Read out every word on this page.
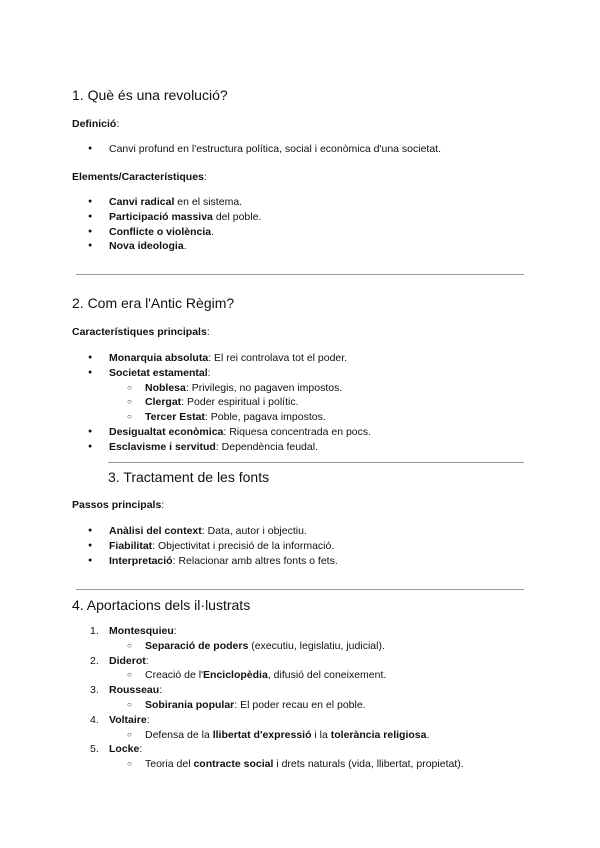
1. Què és una revolució?

Definició:

● Canvi profund en l'estructura política, social i econòmica d'una societat.

Elements/Característiques:

● Canvi radical en el sistema.
● Participació massiva del poble.
● Conflicte o violència.
● Nova ideologia.
2. Com era l'Antic Règim?

Característiques principals:

● Monarquia absoluta: El rei controlava tot el poder.
● Societat estamental:
○ Noblesa: Privilegis, no pagaven impostos.
○ Clergat: Poder espiritual i polític.
○ Tercer Estat: Poble, pagava impostos.
● Desigualtat econòmica: Riquesa concentrada en pocs.
● Esclavisme i servitud: Dependència feudal.
3. Tractament de les fonts

Passos principals:

● Anàlisi del context: Data, autor i objectiu.
● Fiabilitat: Objectivitat i precisió de la informació.
● Interpretació: Relacionar amb altres fonts o fets.
4. Aportacions dels il·lustrats
1. Montesquieu:
○ Separació de poders (executiu, legislatiu, judicial).
2. Diderot:
○ Creació de l'Enciclopèdia, difusió del coneixement.
3. Rousseau:
○ Sobirania popular: El poder recau en el poble.
4. Voltaire:
○ Defensa de la llibertat d'expressió i la tolerància religiosa.
5. Locke:
○ Teoria del contracte social i drets naturals (vida, llibertat, propietat).
